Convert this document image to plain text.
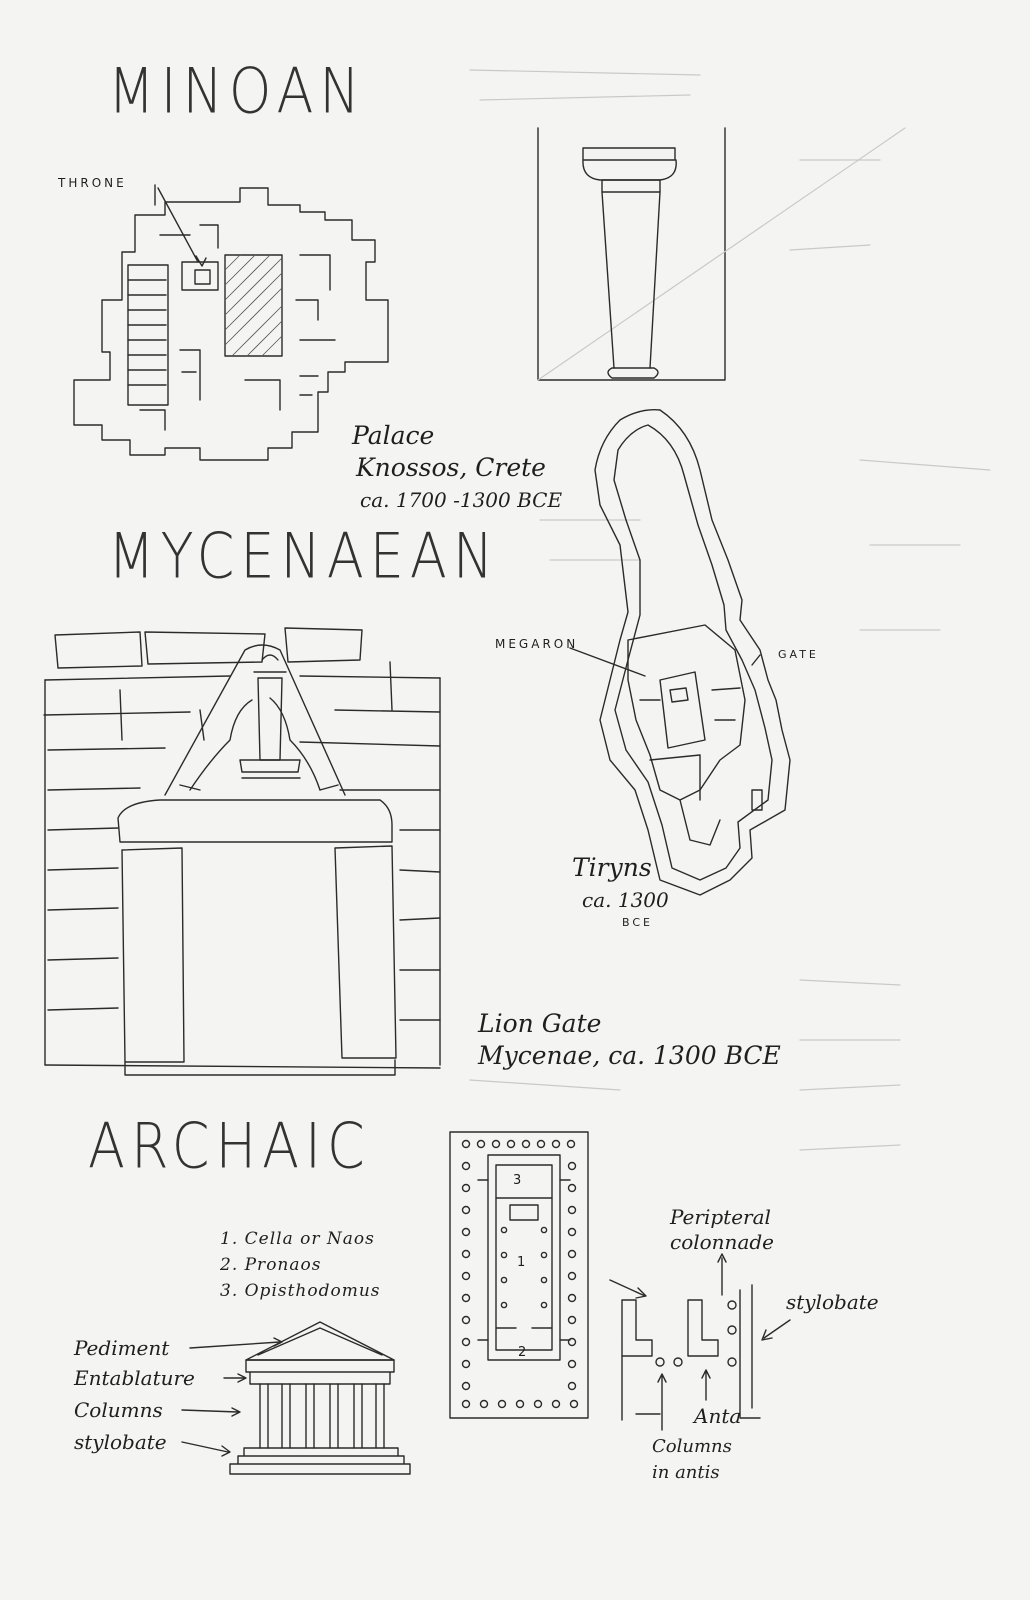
MINOAN
THRONE
Palace
Knossos, Crete
ca. 1700 -1300 BCE
MYCENAEAN
MEGARON
GATE
Tiryns
ca. 1300
BCE
Lion Gate
Mycenae, ca. 1300 BCE
ARCHAIC
1. Cella or Naos
2. Pronaos
3. Opisthodomus
Pediment
Entablature
Columns
stylobate
3
1
2
Peripteral
colonnade
stylobate
Anta
Columns
in antis
